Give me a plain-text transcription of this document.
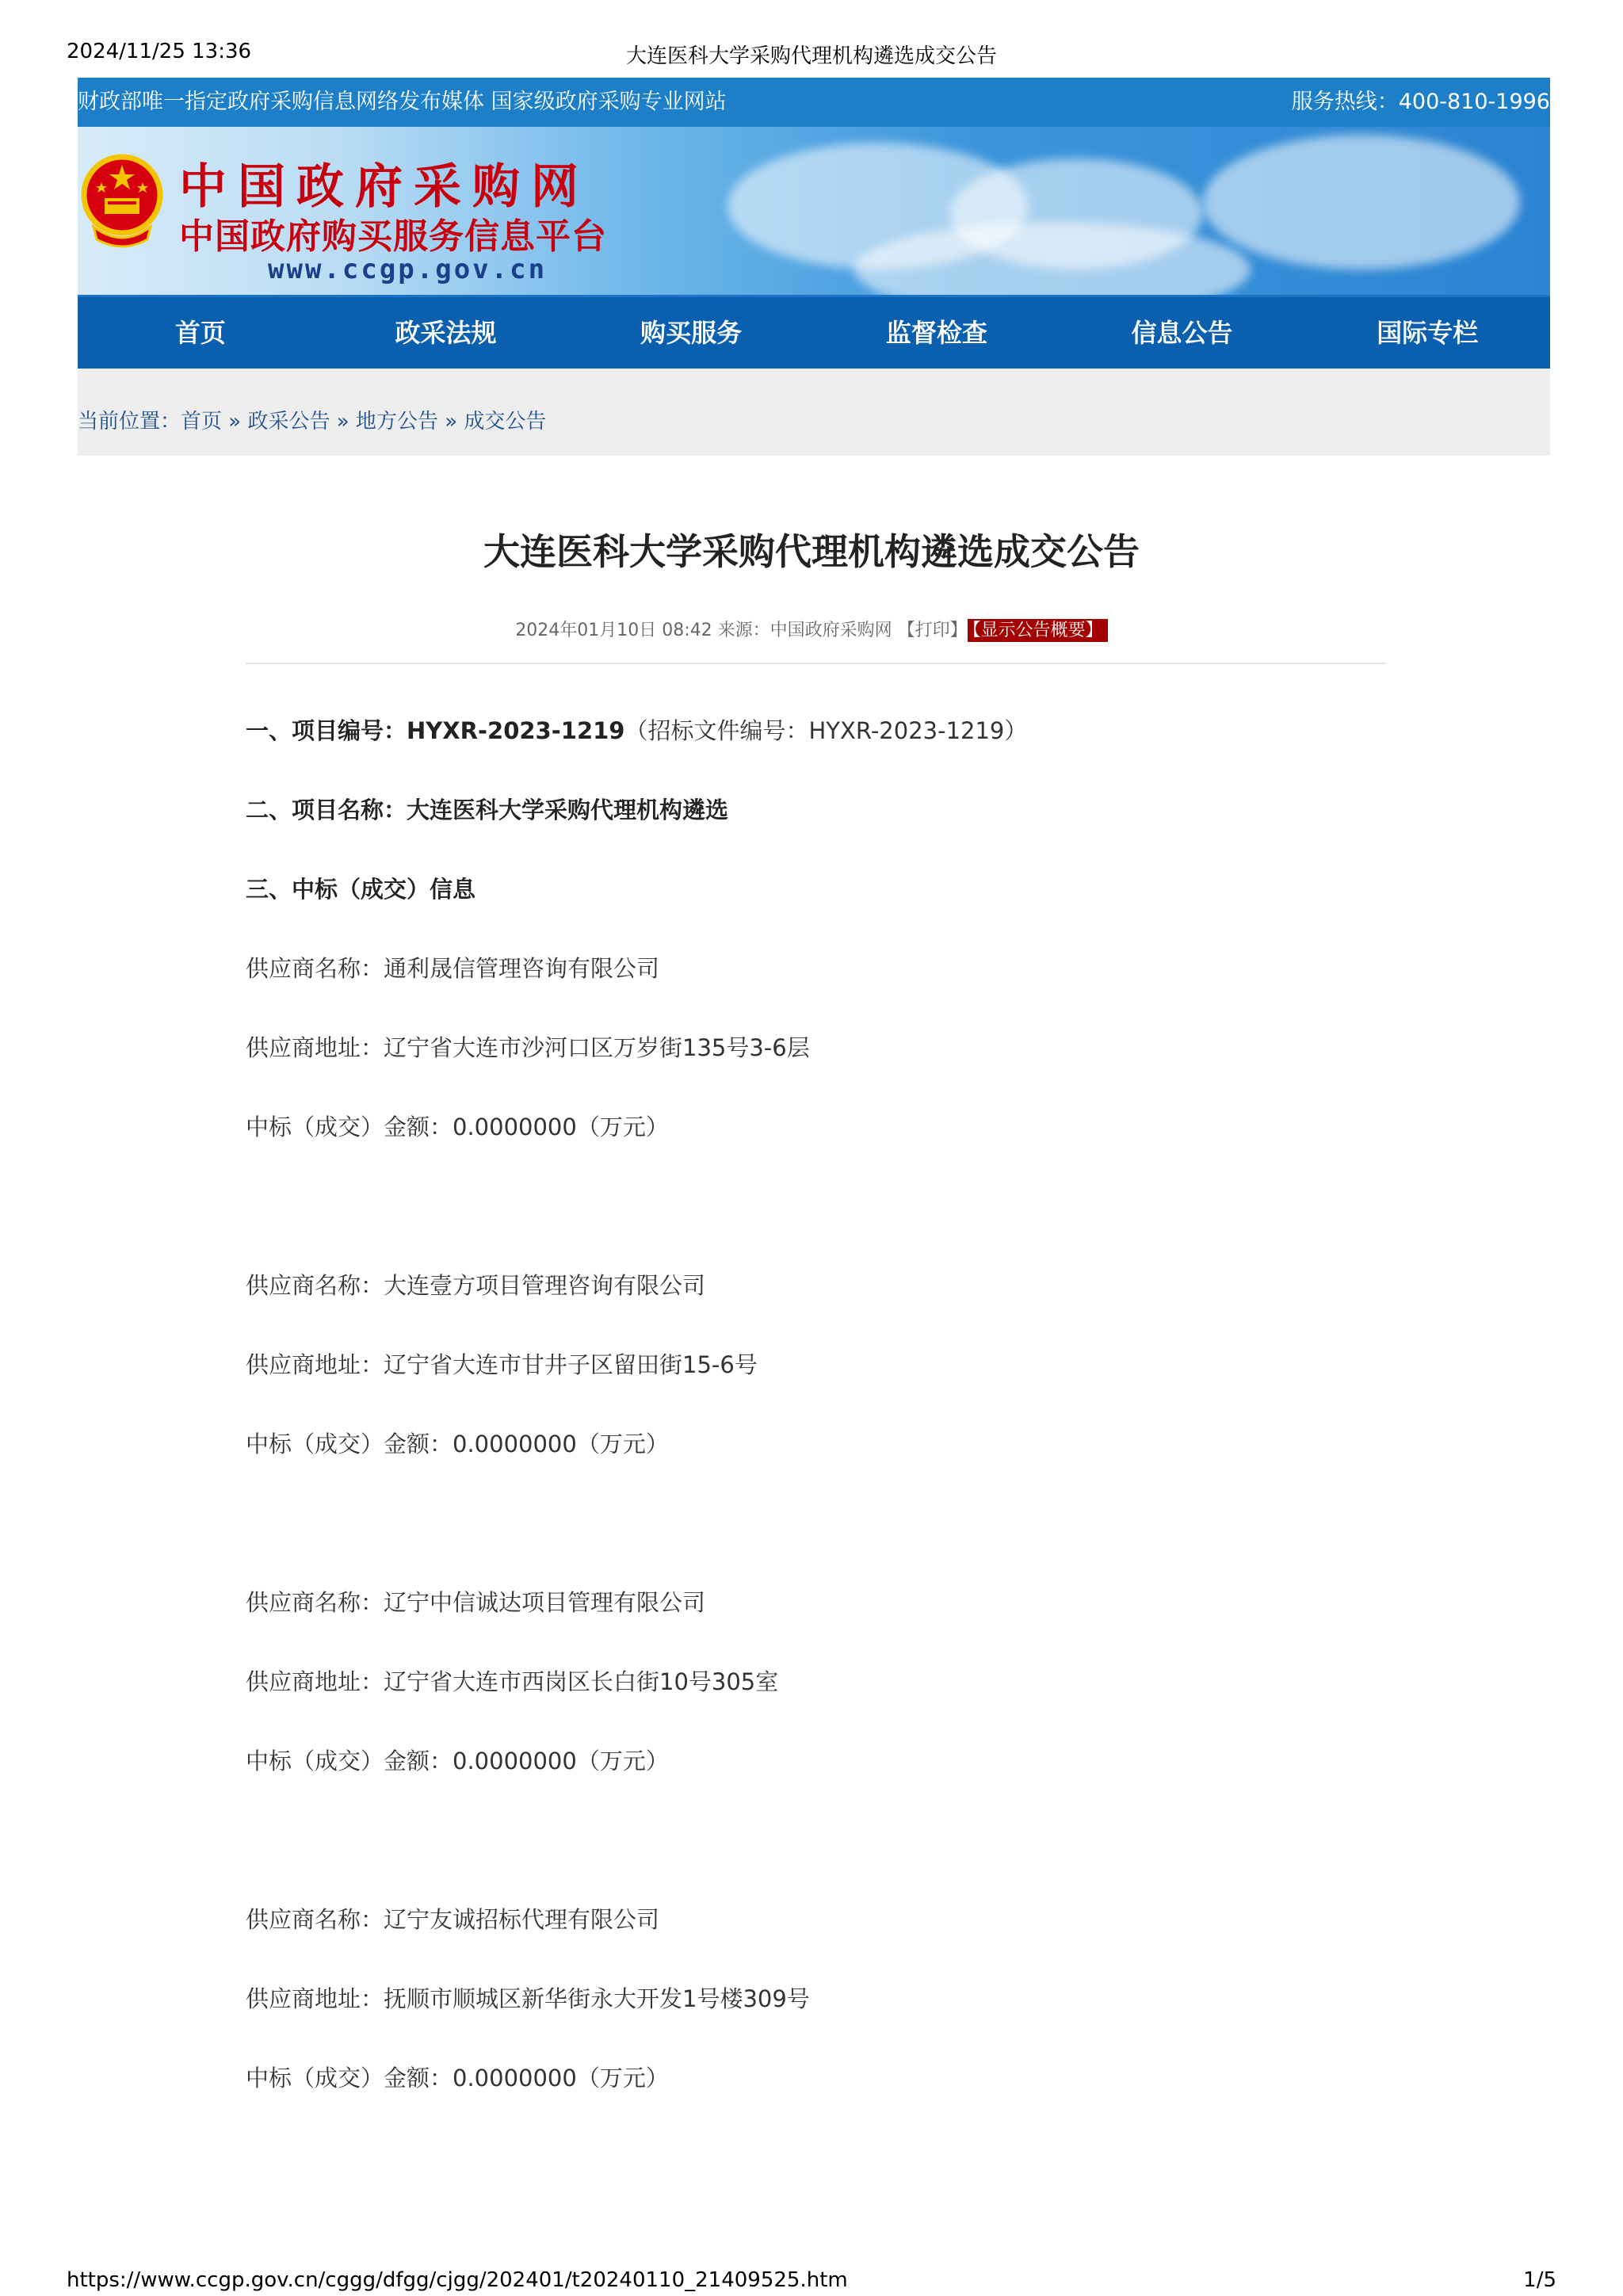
2024/11/25 13:36	大连医科大学采购代理机构遴选成交公告
财政部唯一指定政府采购信息网络发布媒体 国家级政府采购专业网站	服务热线：400-810-1996
中国政府采购网
中国政府购买服务信息平台
www.ccgp.gov.cn
首页	政采法规	购买服务	监督检查	信息公告	国际专栏
当前位置：首页 » 政采公告 » 地方公告 » 成交公告
大连医科大学采购代理机构遴选成交公告
2024年01月10日 08:42 来源：中国政府采购网 【打印】 【显示公告概要】
一、项目编号：HYXR-2023-1219（招标文件编号：HYXR-2023-1219）
二、项目名称：大连医科大学采购代理机构遴选
三、中标（成交）信息
供应商名称：通利晟信管理咨询有限公司
供应商地址：辽宁省大连市沙河口区万岁街135号3-6层
中标（成交）金额：0.0000000（万元）
供应商名称：大连壹方项目管理咨询有限公司
供应商地址：辽宁省大连市甘井子区留田街15-6号
中标（成交）金额：0.0000000（万元）
供应商名称：辽宁中信诚达项目管理有限公司
供应商地址：辽宁省大连市西岗区长白街10号305室
中标（成交）金额：0.0000000（万元）
供应商名称：辽宁友诚招标代理有限公司
供应商地址：抚顺市顺城区新华街永大开发1号楼309号
中标（成交）金额：0.0000000（万元）
https://www.ccgp.gov.cn/cggg/dfgg/cjgg/202401/t20240110_21409525.htm	1/5
